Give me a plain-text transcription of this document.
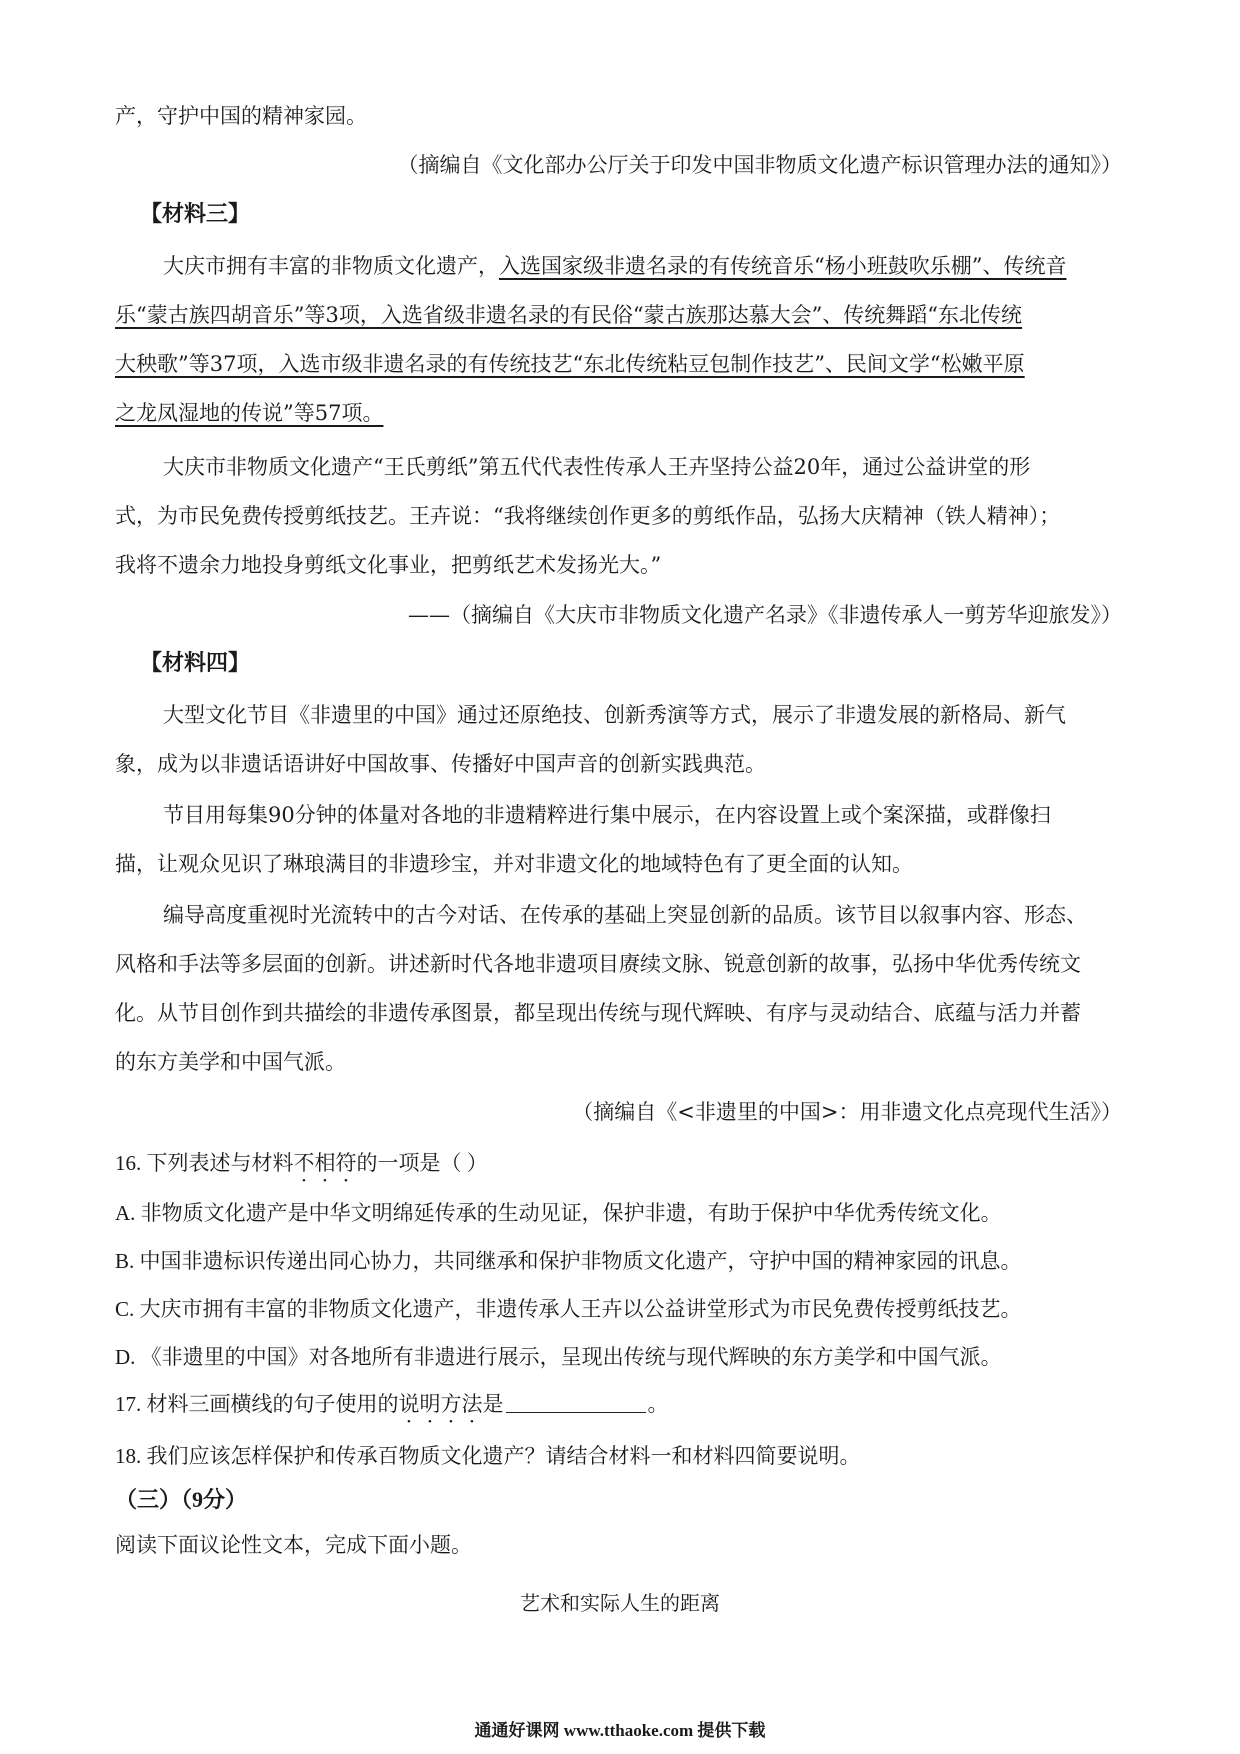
产，守护中国的精神家园。
（摘编自《文化部办公厅关于印发中国非物质文化遗产标识管理办法的通知》）
【材料三】
大庆市拥有丰富的非物质文化遗产，入选国家级非遗名录的有传统音乐“杨小班鼓吹乐棚”、传统音
乐“蒙古族四胡音乐”等3项，入选省级非遗名录的有民俗“蒙古族那达慕大会”、传统舞蹈“东北传统
大秧歌”等37项，入选市级非遗名录的有传统技艺“东北传统粘豆包制作技艺”、民间文学“松嫩平原
之龙凤湿地的传说”等57项。
大庆市非物质文化遗产“王氏剪纸”第五代代表性传承人王卉坚持公益20年，通过公益讲堂的形
式，为市民免费传授剪纸技艺。王卉说：“我将继续创作更多的剪纸作品，弘扬大庆精神（铁人精神）；
我将不遗余力地投身剪纸文化事业，把剪纸艺术发扬光大。”
——（摘编自《大庆市非物质文化遗产名录》《非遗传承人一剪芳华迎旅发》）
【材料四】
大型文化节目《非遗里的中国》通过还原绝技、创新秀演等方式，展示了非遗发展的新格局、新气
象，成为以非遗话语讲好中国故事、传播好中国声音的创新实践典范。
节目用每集90分钟的体量对各地的非遗精粹进行集中展示，在内容设置上或个案深描，或群像扫
描，让观众见识了琳琅满目的非遗珍宝，并对非遗文化的地域特色有了更全面的认知。
编导高度重视时光流转中的古今对话、在传承的基础上突显创新的品质。该节目以叙事内容、形态、
风格和手法等多层面的创新。讲述新时代各地非遗项目赓续文脉、锐意创新的故事，弘扬中华优秀传统文
化。从节目创作到共描绘的非遗传承图景，都呈现出传统与现代辉映、有序与灵动结合、底蕴与活力并蓄
的东方美学和中国气派。
（摘编自《<非遗里的中国>：用非遗文化点亮现代生活》）
16. 下列表述与材料不相符的一项是（ ）
A. 非物质文化遗产是中华文明绵延传承的生动见证，保护非遗，有助于保护中华优秀传统文化。
B. 中国非遗标识传递出同心协力，共同继承和保护非物质文化遗产，守护中国的精神家园的讯息。
C. 大庆市拥有丰富的非物质文化遗产，非遗传承人王卉以公益讲堂形式为市民免费传授剪纸技艺。
D. 《非遗里的中国》对各地所有非遗进行展示，呈现出传统与现代辉映的东方美学和中国气派。
17. 材料三画横线的句子使用的说明方法是	。
18. 我们应该怎样保护和传承百物质文化遗产？请结合材料一和材料四简要说明。
（三）（9分）
阅读下面议论性文本，完成下面小题。
艺术和实际人生的距离
通通好课网 www.tthaoke.com 提供下载
